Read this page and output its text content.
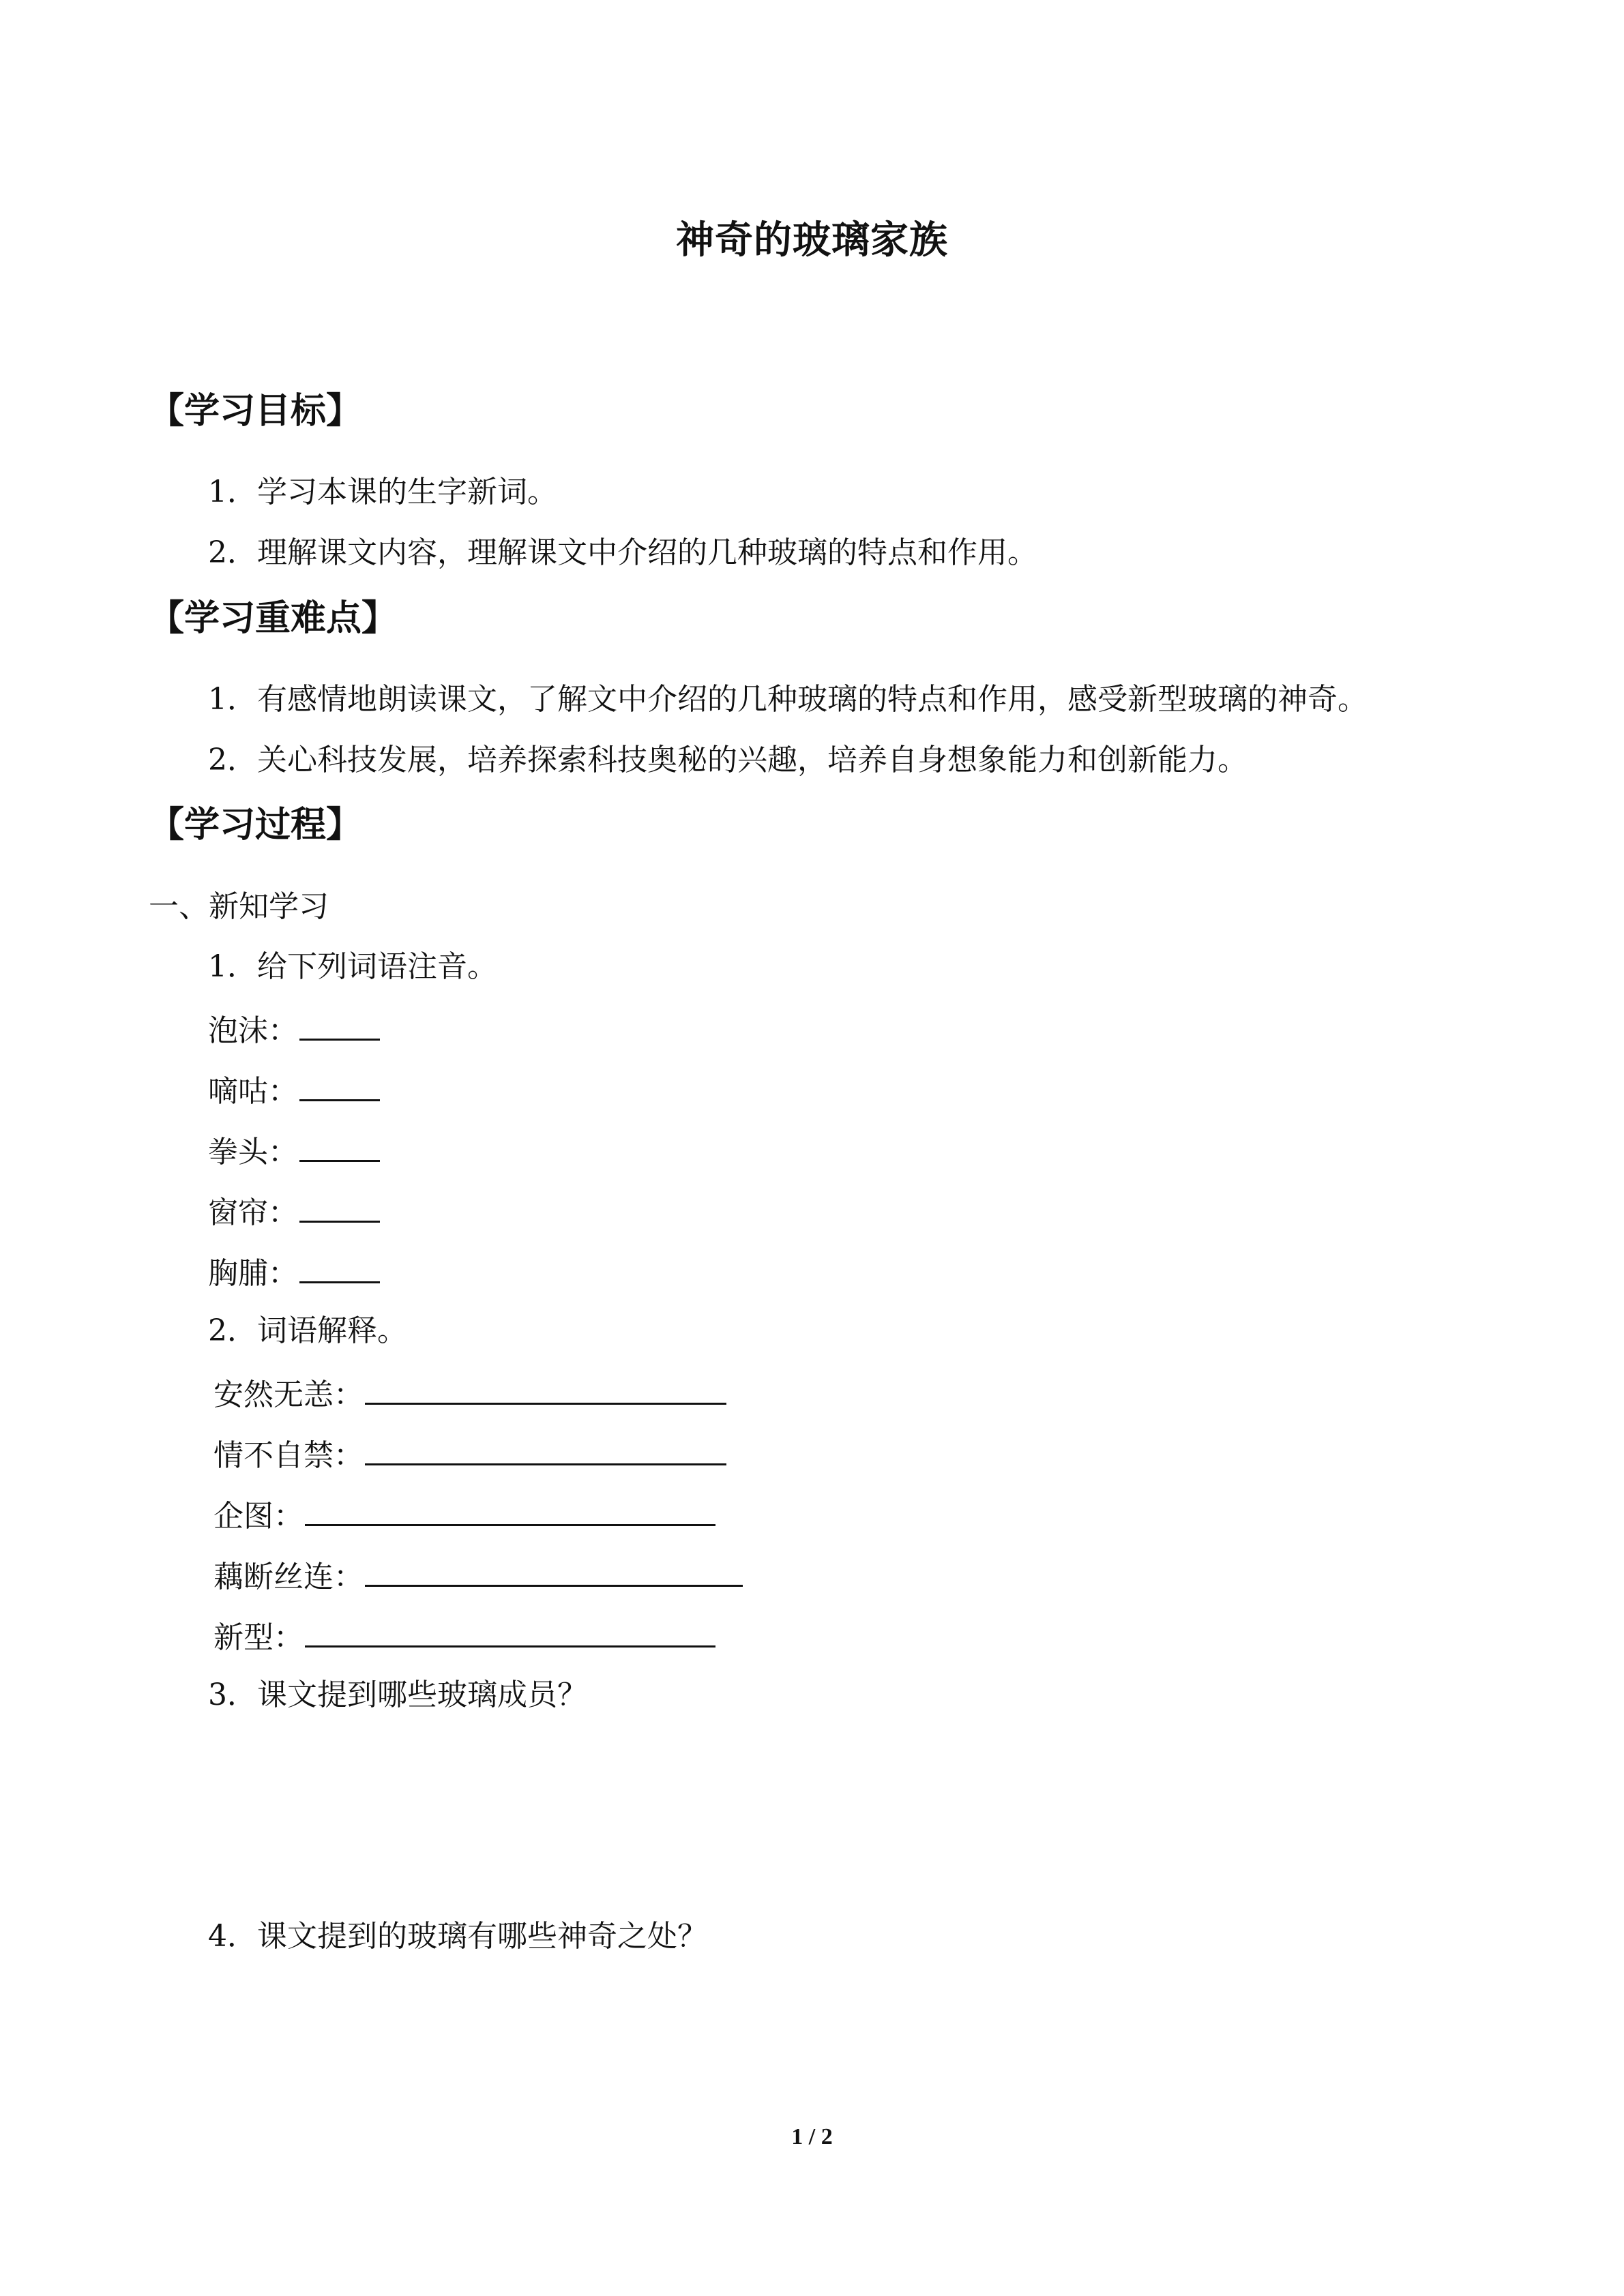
神奇的玻璃家族
【学习目标】
1．学习本课的生字新词。
2．理解课文内容，理解课文中介绍的几种玻璃的特点和作用。
【学习重难点】
1．有感情地朗读课文，了解文中介绍的几种玻璃的特点和作用，感受新型玻璃的神奇。
2．关心科技发展，培养探索科技奥秘的兴趣，培养自身想象能力和创新能力。
【学习过程】
一、新知学习
1．给下列词语注音。
泡沫：
嘀咕：
拳头：
窗帘：
胸脯：
2．词语解释。
安然无恙：
情不自禁：
企图：
藕断丝连：
新型：
3．课文提到哪些玻璃成员？
4．课文提到的玻璃有哪些神奇之处？
1 / 2
